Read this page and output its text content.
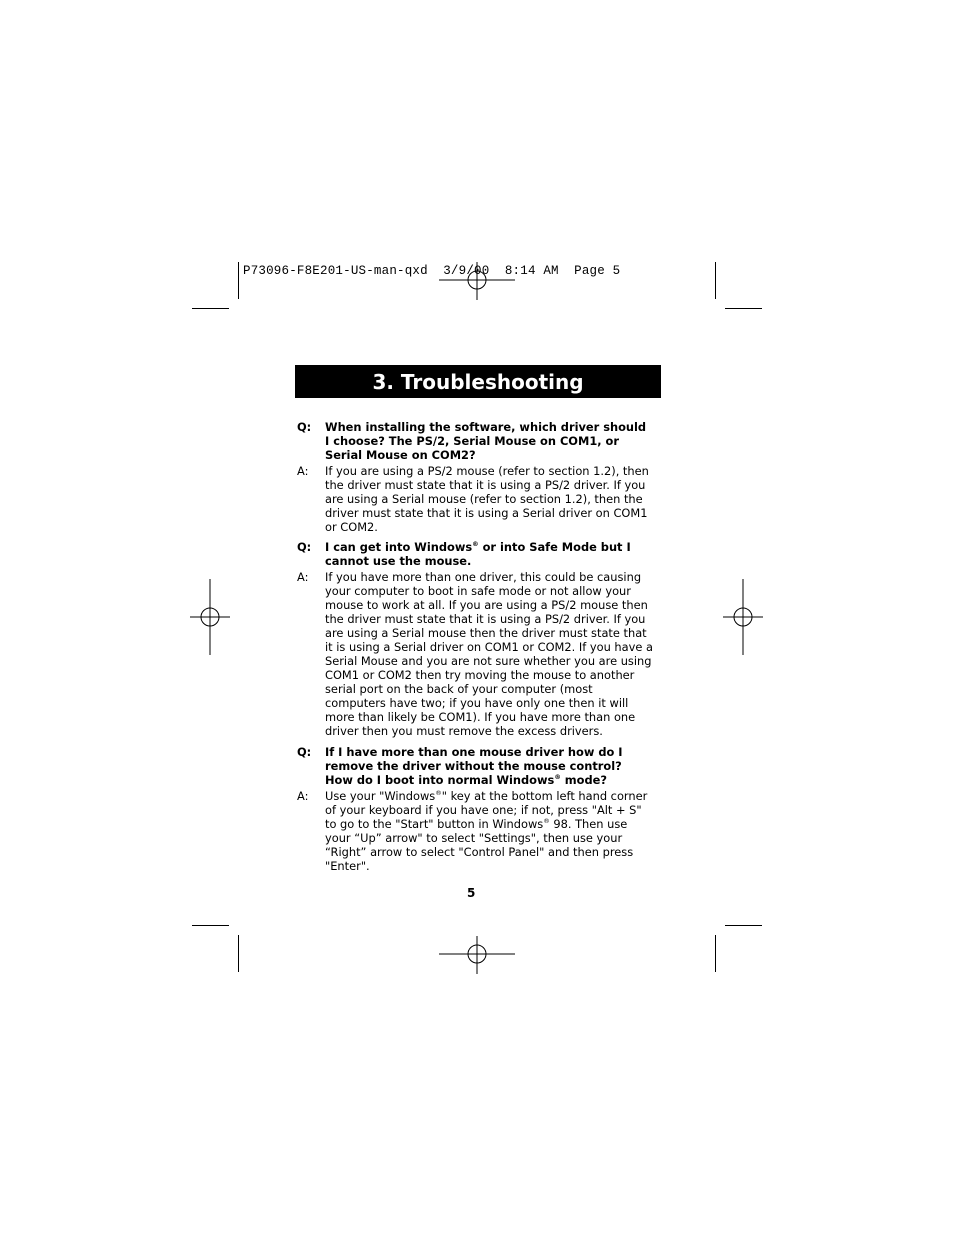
P73096-F8E201-US-man-qxd  3/9/00  8:14 AM  Page 5
3. Troubleshooting
Q:	When installing the software, which driver should I choose? The PS/2, Serial Mouse on COM1, or Serial Mouse on COM2?
A:	If you are using a PS/2 mouse (refer to section 1.2), then the driver must state that it is using a PS/2 driver. If you are using a Serial mouse (refer to section 1.2), then the driver must state that it is using a Serial driver on COM1 or COM2.
Q:	I can get into Windows® or into Safe Mode but I cannot use the mouse.
A:	If you have more than one driver, this could be causing your computer to boot in safe mode or not allow your mouse to work at all. If you are using a PS/2 mouse then the driver must state that it is using a PS/2 driver. If you are using a Serial mouse then the driver must state that it is using a Serial driver on COM1 or COM2. If you have a Serial Mouse and you are not sure whether you are using COM1 or COM2 then try moving the mouse to another serial port on the back of your computer (most computers have two; if you have only one then it will more than likely be COM1). If you have more than one driver then you must remove the excess drivers.
Q:	If I have more than one mouse driver how do I remove the driver without the mouse control? How do I boot into normal Windows® mode?
A:	Use your "Windows®" key at the bottom left hand corner of your keyboard if you have one; if not, press "Alt + S" to go to the "Start" button in Windows® 98. Then use your “Up” arrow" to select "Settings", then use your “Right” arrow to select "Control Panel" and then press "Enter".
5
